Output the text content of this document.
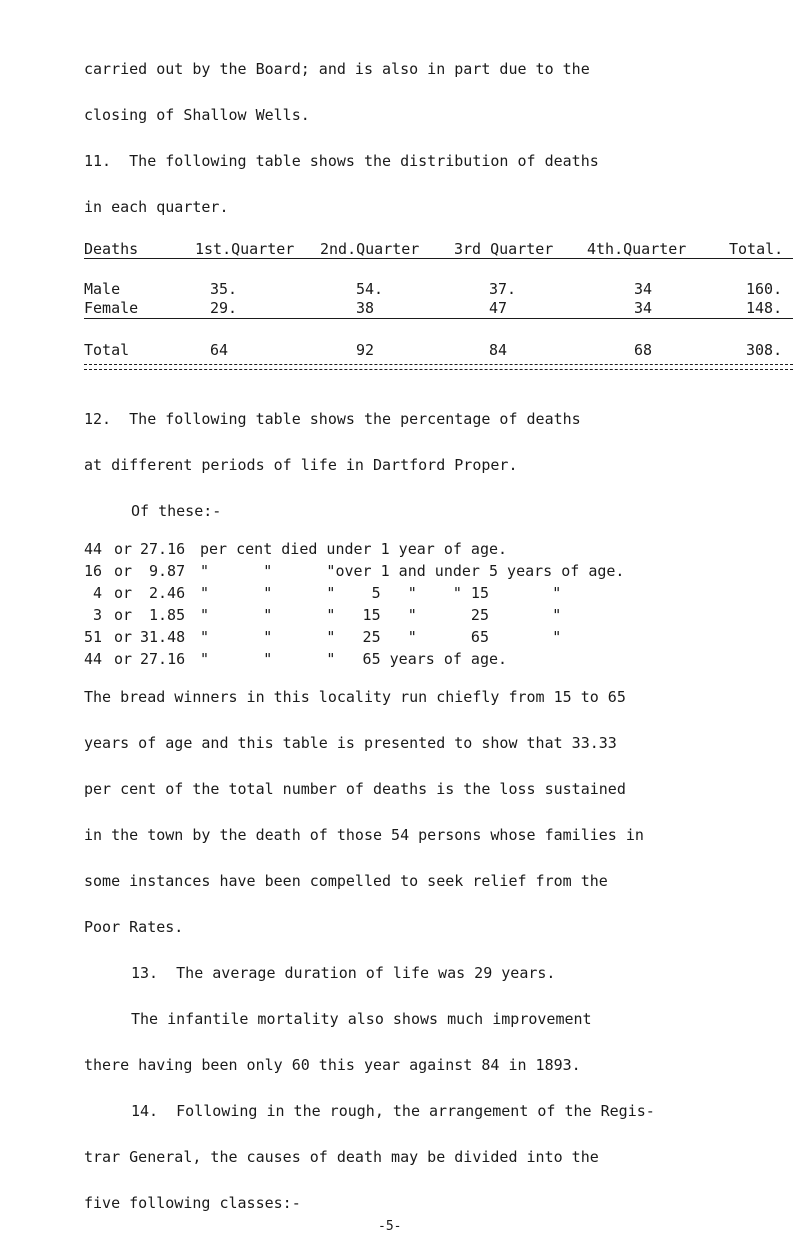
carried out by the Board; and is also in part due to the
closing of Shallow Wells.
11.  The following table shows the distribution of deaths
in each quarter.
Deaths	1st.Quarter 2nd.Quarter 3rd Quarter 4th.Quarter	Total.
Male	35.	54.	37.	34	160.
Female	29.	38	47	34	148.
Total	64	92	84	68	308.
12.  The following table shows the percentage of deaths
at different periods of life in Dartford Proper.
Of these:-
44 or 27.16 per cent died under 1 year of age.
16 or 9.87 "      "      "over 1 and under 5 years of age.
4 or 2.46 "      "      "    5   "    " 15       "
3 or 1.85 "      "      "   15   "      25       "
51 or 31.48 "      "      "   25   "      65       "
44 or 27.16 "      "      "   65 years of age.
The bread winners in this locality run chiefly from 15 to 65
years of age and this table is presented to show that 33.33
per cent of the total number of deaths is the loss sustained
in the town by the death of those 54 persons whose families in
some instances have been compelled to seek relief from the
Poor Rates.
13.  The average duration of life was 29 years.
The infantile mortality also shows much improvement
there having been only 60 this year against 84 in 1893.
14.  Following in the rough, the arrangement of the Regis-
trar General, the causes of death may be divided into the
five following classes:-
-5-
